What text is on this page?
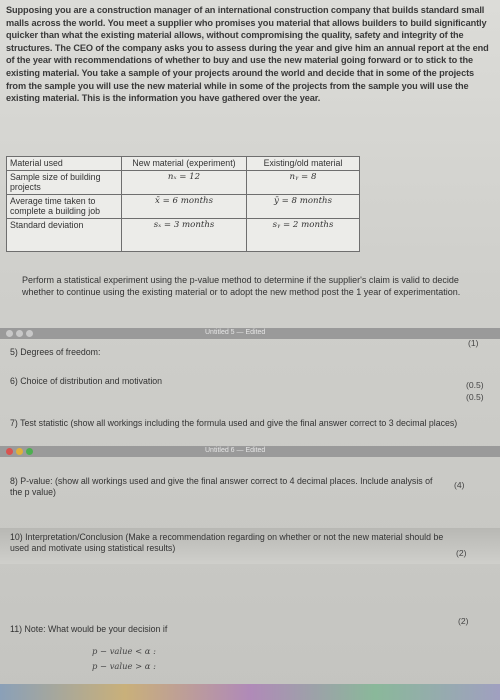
Supposing you are a construction manager of an international construction company that builds standard small malls across the world. You meet a supplier who promises you material that allows builders to build significantly quicker than what the existing material allows, without compromising the quality, safety and integrity of the structures. The CEO of the company asks you to assess during the year and give him an annual report at the end of the year with recommendations of whether to buy and use the new material going forward or to stick to the existing material. You take a sample of your projects around the world and decide that in some of the projects from the sample you will use the new material while in some of the projects from the sample you will use the existing material. This is the information you have gathered over the year.
Material used	New material (experiment)	Existing/old material
Sample size of building projects	nₓ = 12	nᵧ = 8
Average time taken to complete a building job	x̄ = 6 months	ȳ = 8 months
Standard deviation	sₓ = 3 months	sᵧ = 2 months
Perform a statistical experiment using the p-value method to determine if the supplier's claim is valid to decide whether to continue using the existing material or to adopt the new method post the 1 year of experimentation.
Untitled 5 — Edited
5) Degrees of freedom:
(1)
6) Choice of distribution and motivation	(0.5)
(0.5)
7) Test statistic (show all workings including the formula used and give the final answer correct to 3 decimal places)
Untitled 6 — Edited
8) P-value: (show all workings used and give the final answer correct to 4 decimal places. Include analysis of the p value)
(4)
10) Interpretation/Conclusion (Make a recommendation regarding on whether or not the new material should be used and motivate using statistical results)	(2)
11) Note: What would be your decision if
(2)
p − value < α :
p − value > α :
